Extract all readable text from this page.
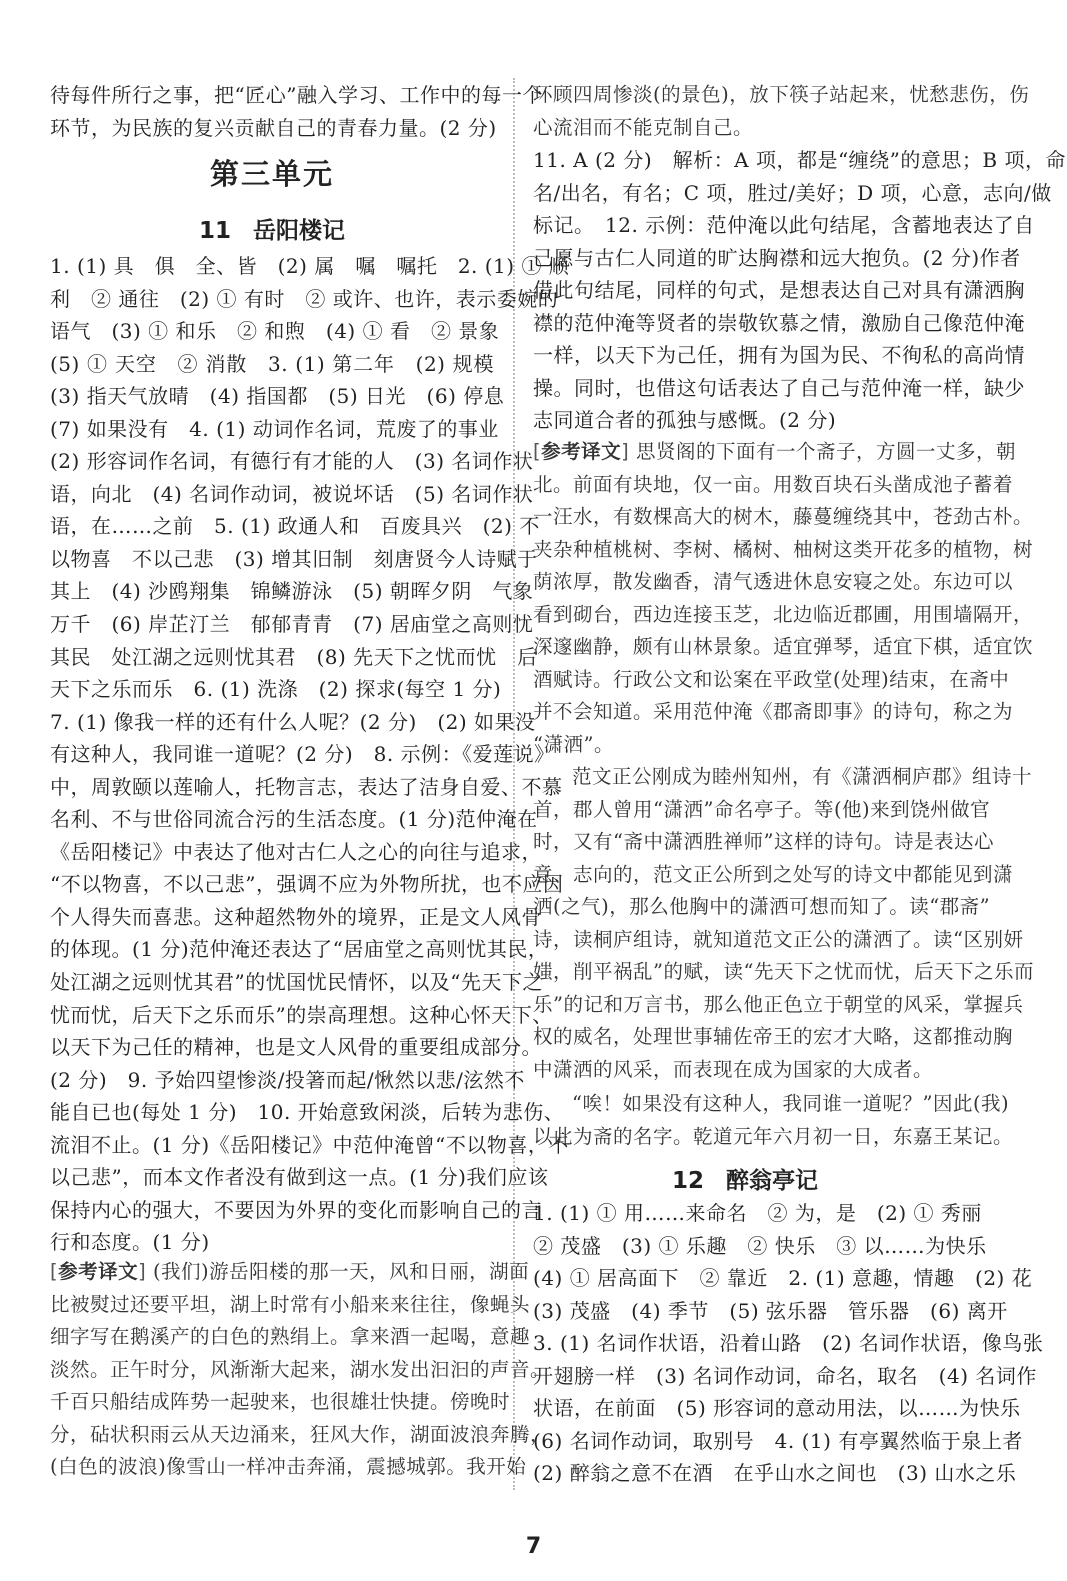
待每件所行之事，把“匠心”融入学习、工作中的每一个
环节，为民族的复兴贡献自己的青春力量。(2 分)
第三单元
11 岳阳楼记
1. (1) 具　俱　全、皆　(2) 属　嘱　嘱托　2. (1) ① 顺
利　② 通往　(2) ① 有时　② 或许、也许，表示委婉的
语气　(3) ① 和乐　② 和煦　(4) ① 看　② 景象
(5) ① 天空　② 消散　3. (1) 第二年　(2) 规模
(3) 指天气放晴　(4) 指国都　(5) 日光　(6) 停息
(7) 如果没有　4. (1) 动词作名词，荒废了的事业
(2) 形容词作名词，有德行有才能的人　(3) 名词作状
语，向北　(4) 名词作动词，被说坏话　(5) 名词作状
语，在……之前　5. (1) 政通人和　百废具兴　(2) 不
以物喜　不以己悲　(3) 增其旧制　刻唐贤今人诗赋于
其上　(4) 沙鸥翔集　锦鳞游泳　(5) 朝晖夕阴　气象
万千　(6) 岸芷汀兰　郁郁青青　(7) 居庙堂之高则忧
其民　处江湖之远则忧其君　(8) 先天下之忧而忧　后
天下之乐而乐　6. (1) 洗涤　(2) 探求(每空 1 分)
7. (1) 像我一样的还有什么人呢？(2 分)　(2) 如果没
有这种人，我同谁一道呢？(2 分)　8. 示例：《爱莲说》
中，周敦颐以莲喻人，托物言志，表达了洁身自爱、不慕
名利、不与世俗同流合污的生活态度。(1 分)范仲淹在
《岳阳楼记》中表达了他对古仁人之心的向往与追求，
“不以物喜，不以己悲”，强调不应为外物所扰，也不应因
个人得失而喜悲。这种超然物外的境界，正是文人风骨
的体现。(1 分)范仲淹还表达了“居庙堂之高则忧其民，
处江湖之远则忧其君”的忧国忧民情怀，以及“先天下之
忧而忧，后天下之乐而乐”的崇高理想。这种心怀天下、
以天下为己任的精神，也是文人风骨的重要组成部分。
(2 分)　9. 予始四望惨淡/投箸而起/愀然以悲/泫然不
能自已也(每处 1 分)　10. 开始意致闲淡，后转为悲伤、
流泪不止。(1 分)《岳阳楼记》中范仲淹曾“不以物喜，不
以己悲”，而本文作者没有做到这一点。(1 分)我们应该
保持内心的强大，不要因为外界的变化而影响自己的言
行和态度。(1 分)
[ 参考译文 ] (我们)游岳阳楼的那一天，风和日丽，湖面
比被熨过还要平坦，湖上时常有小船来来往往，像蝇头
细字写在鹅溪产的白色的熟绢上。拿来酒一起喝，意趣
淡然。正午时分，风渐渐大起来，湖水发出汩汩的声音。
千百只船结成阵势一起驶来，也很雄壮快捷。傍晚时
分，砧状积雨云从天边涌来，狂风大作，湖面波浪奔腾，
(白色的波浪)像雪山一样冲击奔涌，震撼城郭。我开始
环顾四周惨淡(的景色)，放下筷子站起来，忧愁悲伤，伤
心流泪而不能克制自己。
11. A (2 分)　解析：A 项，都是“缠绕”的意思；B 项，命
名/出名，有名；C 项，胜过/美好；D 项，心意，志向/做
标记。　12. 示例：范仲淹以此句结尾，含蓄地表达了自
己愿与古仁人同道的旷达胸襟和远大抱负。(2 分)作者
借此句结尾，同样的句式，是想表达自己对具有潇洒胸
襟的范仲淹等贤者的崇敬钦慕之情，激励自己像范仲淹
一样，以天下为己任，拥有为国为民、不徇私的高尚情
操。同时，也借这句话表达了自己与范仲淹一样，缺少
志同道合者的孤独与感慨。(2 分)
[ 参考译文 ] 思贤阁的下面有一个斋子，方圆一丈多，朝
北。前面有块地，仅一亩。用数百块石头凿成池子蓄着
一汪水，有数棵高大的树木，藤蔓缠绕其中，苍劲古朴。
夹杂种植桃树、李树、橘树、柚树这类开花多的植物，树
荫浓厚，散发幽香，清气透进休息安寝之处。东边可以
看到砌台，西边连接玉芝，北边临近郡圃，用围墙隔开，
深邃幽静，颇有山林景象。适宜弹琴，适宜下棋，适宜饮
酒赋诗。行政公文和讼案在平政堂(处理)结束，在斋中
并不会知道。采用范仲淹《郡斋即事》的诗句，称之为
“潇洒”。
范文正公刚成为睦州知州，有《潇洒桐庐郡》组诗十
首，郡人曾用“潇洒”命名亭子。等(他)来到饶州做官
时，又有“斋中潇洒胜禅师”这样的诗句。诗是表达心
意、志向的，范文正公所到之处写的诗文中都能见到潇
洒(之气)，那么他胸中的潇洒可想而知了。读“郡斋”
诗，读桐庐组诗，就知道范文正公的潇洒了。读“区别妍
媸，削平祸乱”的赋，读“先天下之忧而忧，后天下之乐而
乐”的记和万言书，那么他正色立于朝堂的风采，掌握兵
权的威名，处理世事辅佐帝王的宏才大略，这都推动胸
中潇洒的风采，而表现在成为国家的大成者。
“唉！如果没有这种人，我同谁一道呢？”因此(我)
以此为斋的名字。乾道元年六月初一日，东嘉王某记。
12 醉翁亭记
1. (1) ① 用……来命名　② 为，是　(2) ① 秀丽
② 茂盛　(3) ① 乐趣　② 快乐　③ 以……为快乐
(4) ① 居高面下　② 靠近　2. (1) 意趣，情趣　(2) 花
(3) 茂盛　(4) 季节　(5) 弦乐器　管乐器　(6) 离开
3. (1) 名词作状语，沿着山路　(2) 名词作状语，像鸟张
开翅膀一样　(3) 名词作动词，命名，取名　(4) 名词作
状语，在前面　(5) 形容词的意动用法，以……为快乐
(6) 名词作动词，取别号　4. (1) 有亭翼然临于泉上者
(2) 醉翁之意不在酒　在乎山水之间也　(3) 山水之乐
7
